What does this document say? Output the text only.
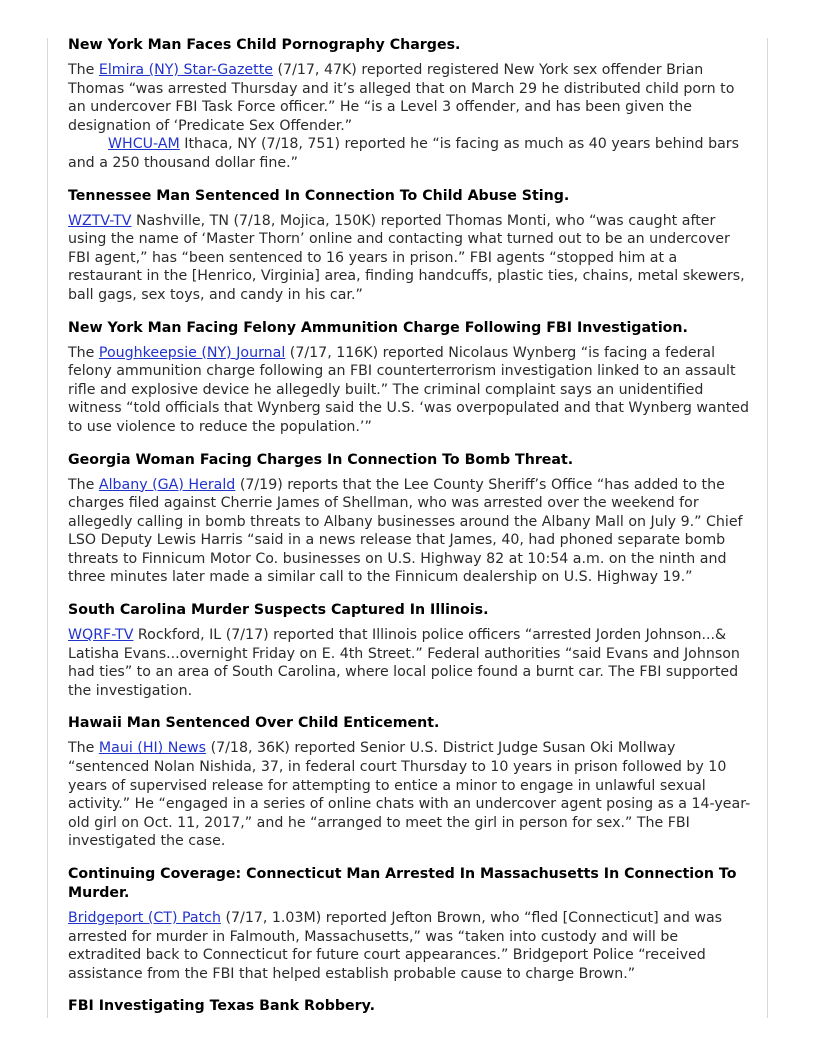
New York Man Faces Child Pornography Charges.

The Elmira (NY) Star-Gazette (7/17, 47K) reported registered New York sex offender Brian Thomas “was arrested Thursday and it’s alleged that on March 29 he distributed child porn to an undercover FBI Task Force officer.” He “is a Level 3 offender, and has been given the designation of ‘Predicate Sex Offender.”

WHCU-AM Ithaca, NY (7/18, 751) reported he “is facing as much as 40 years behind bars and a 250 thousand dollar fine.”

Tennessee Man Sentenced In Connection To Child Abuse Sting.

WZTV-TV Nashville, TN (7/18, Mojica, 150K) reported Thomas Monti, who “was caught after using the name of ‘Master Thorn’ online and contacting what turned out to be an undercover FBI agent,” has “been sentenced to 16 years in prison.” FBI agents “stopped him at a restaurant in the [Henrico, Virginia] area, finding handcuffs, plastic ties, chains, metal skewers, ball gags, sex toys, and candy in his car.”

New York Man Facing Felony Ammunition Charge Following FBI Investigation.

The Poughkeepsie (NY) Journal (7/17, 116K) reported Nicolaus Wynberg “is facing a federal felony ammunition charge following an FBI counterterrorism investigation linked to an assault rifle and explosive device he allegedly built.” The criminal complaint says an unidentified witness “told officials that Wynberg said the U.S. ‘was overpopulated and that Wynberg wanted to use violence to reduce the population.’”

Georgia Woman Facing Charges In Connection To Bomb Threat.

The Albany (GA) Herald (7/19) reports that the Lee County Sheriff’s Office “has added to the charges filed against Cherrie James of Shellman, who was arrested over the weekend for allegedly calling in bomb threats to Albany businesses around the Albany Mall on July 9.” Chief LSO Deputy Lewis Harris “said in a news release that James, 40, had phoned separate bomb threats to Finnicum Motor Co. businesses on U.S. Highway 82 at 10:54 a.m. on the ninth and three minutes later made a similar call to the Finnicum dealership on U.S. Highway 19.”

South Carolina Murder Suspects Captured In Illinois.

WQRF-TV Rockford, IL (7/17) reported that Illinois police officers “arrested Jorden Johnson...& Latisha Evans...overnight Friday on E. 4th Street.” Federal authorities “said Evans and Johnson had ties” to an area of South Carolina, where local police found a burnt car. The FBI supported the investigation.

Hawaii Man Sentenced Over Child Enticement.

The Maui (HI) News (7/18, 36K) reported Senior U.S. District Judge Susan Oki Mollway “sentenced Nolan Nishida, 37, in federal court Thursday to 10 years in prison followed by 10 years of supervised release for attempting to entice a minor to engage in unlawful sexual activity.” He “engaged in a series of online chats with an undercover agent posing as a 14-year-old girl on Oct. 11, 2017,” and he “arranged to meet the girl in person for sex.” The FBI investigated the case.

Continuing Coverage: Connecticut Man Arrested In Massachusetts In Connection To Murder.

Bridgeport (CT) Patch (7/17, 1.03M) reported Jefton Brown, who “fled [Connecticut] and was arrested for murder in Falmouth, Massachusetts,” was “taken into custody and will be extradited back to Connecticut for future court appearances.” Bridgeport Police “received assistance from the FBI that helped establish probable cause to charge Brown.”

FBI Investigating Texas Bank Robbery.
